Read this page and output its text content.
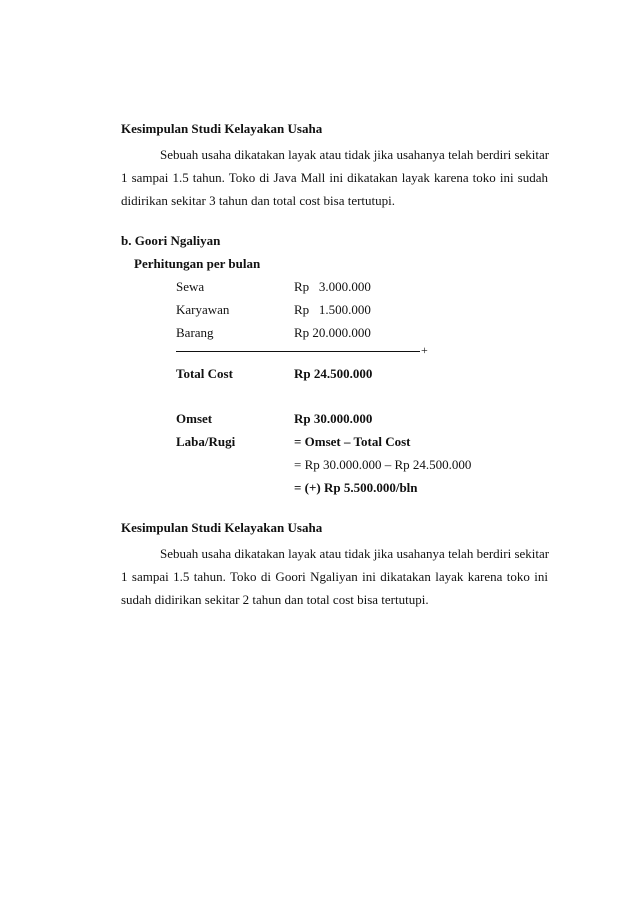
Kesimpulan Studi Kelayakan Usaha
Sebuah usaha dikatakan layak atau tidak jika usahanya telah berdiri sekitar
1 sampai 1.5 tahun. Toko di Java Mall ini dikatakan layak karena toko ini sudah
didirikan sekitar 3 tahun dan total cost bisa tertutupi.
b. Goori Ngaliyan
Perhitungan per bulan
Sewa	Rp   3.000.000
Karyawan	Rp   1.500.000
Barang	Rp 20.000.000
+
Total Cost	Rp 24.500.000
Omset	Rp 30.000.000
Laba/Rugi	= Omset – Total Cost
= Rp 30.000.000 – Rp 24.500.000
= (+) Rp 5.500.000/bln
Kesimpulan Studi Kelayakan Usaha
Sebuah usaha dikatakan layak atau tidak jika usahanya telah berdiri sekitar
1 sampai 1.5 tahun. Toko di Goori Ngaliyan ini dikatakan layak karena toko ini
sudah didirikan sekitar 2 tahun dan total cost bisa tertutupi.
